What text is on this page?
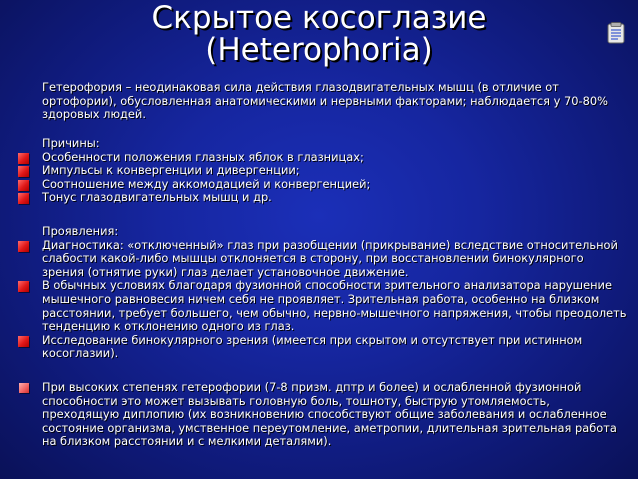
Скрытое косоглазие
(Heterophoria)
Гетерофория – неодинаковая сила действия глазодвигательных мышц (в отличие от
ортофории), обусловленная анатомическими и нервными факторами; наблюдается у 70-80%
здоровых людей.
Причины:
Особенности положения глазных яблок в глазницах;
Импульсы к конвергенции и дивергенции;
Соотношение между аккомодацией и конвергенцией;
Тонус глазодвигательных мышц и др.
Проявления:
Диагностика: «отключенный» глаз при разобщении (прикрывание) вследствие относительной
слабости какой-либо мышцы отклоняется в сторону, при восстановлении бинокулярного
зрения (отнятие руки) глаз делает установочное движение.
В обычных условиях благодаря фузионной способности зрительного анализатора нарушение
мышечного равновесия ничем себя не проявляет. Зрительная работа, особенно на близком
расстоянии, требует большего, чем обычно, нервно-мышечного напряжения, чтобы преодолеть
тенденцию к отклонению одного из глаз.
Исследование бинокулярного зрения (имеется при скрытом и отсутствует при истинном
косоглазии).
При высоких степенях гетерофории (7-8 призм. дптр и более) и ослабленной фузионной
способности это может вызывать головную боль, тошноту, быструю утомляемость,
преходящую диплопию (их возникновению способствуют общие заболевания и ослабленное
состояние организма, умственное переутомление, аметропии, длительная зрительная работа
на близком расстоянии и с мелкими деталями).
